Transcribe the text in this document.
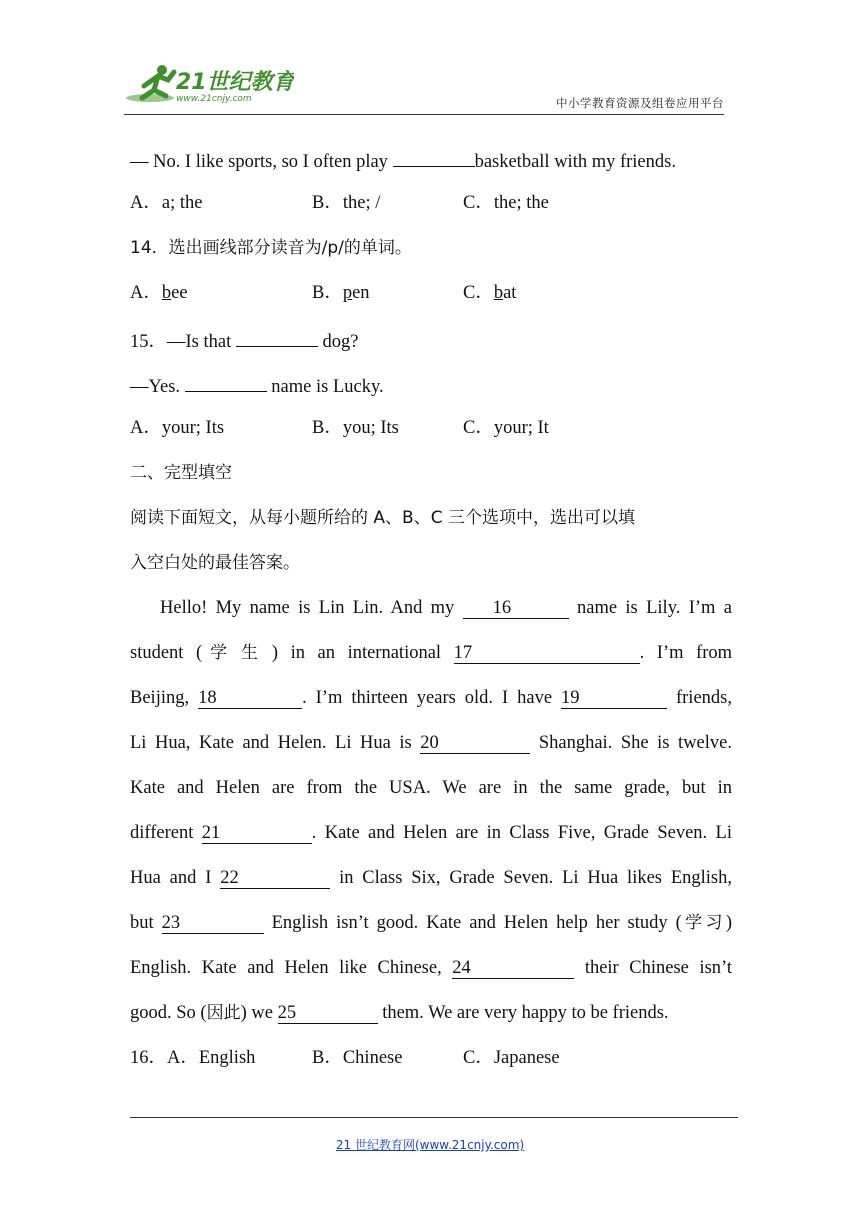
21世纪教育
www.21cnjy.com	中小学教育资源及组卷应用平台
— No. I like sports, so I often play	basketball with my friends.
A．a; the	B．the; /	C．the; the
14．选出画线部分读音为/p/的单词。
A．bee	B．pen	C．bat
15．—Is that	dog?
—Yes.	name is Lucky.
A．your; Its	B．you; Its	C．your; It
二、完型填空
阅读下面短文，从每小题所给的 A、B、C 三个选项中，选出可以填
入空白处的最佳答案。
Hello! My name is Lin Lin. And my 16	name is Lily. I’m a
student (学生) in an international 17	. I’m from
Beijing, 18	. I’m thirteen years old. I have 19	friends,
Li Hua, Kate and Helen. Li Hua is 20	Shanghai. She is twelve.
Kate and Helen are from the USA. We are in the same grade, but in
different 21	. Kate and Helen are in Class Five, Grade Seven. Li
Hua and I 22	in Class Six, Grade Seven. Li Hua likes English,
but 23	English isn’t good. Kate and Helen help her study (学习)
English. Kate and Helen like Chinese, 24	their Chinese isn’t
good. So (因此) we 25	them. We are very happy to be friends.
16．A．English	B．Chinese	C．Japanese
21 世纪教育网(www.21cnjy.com)
